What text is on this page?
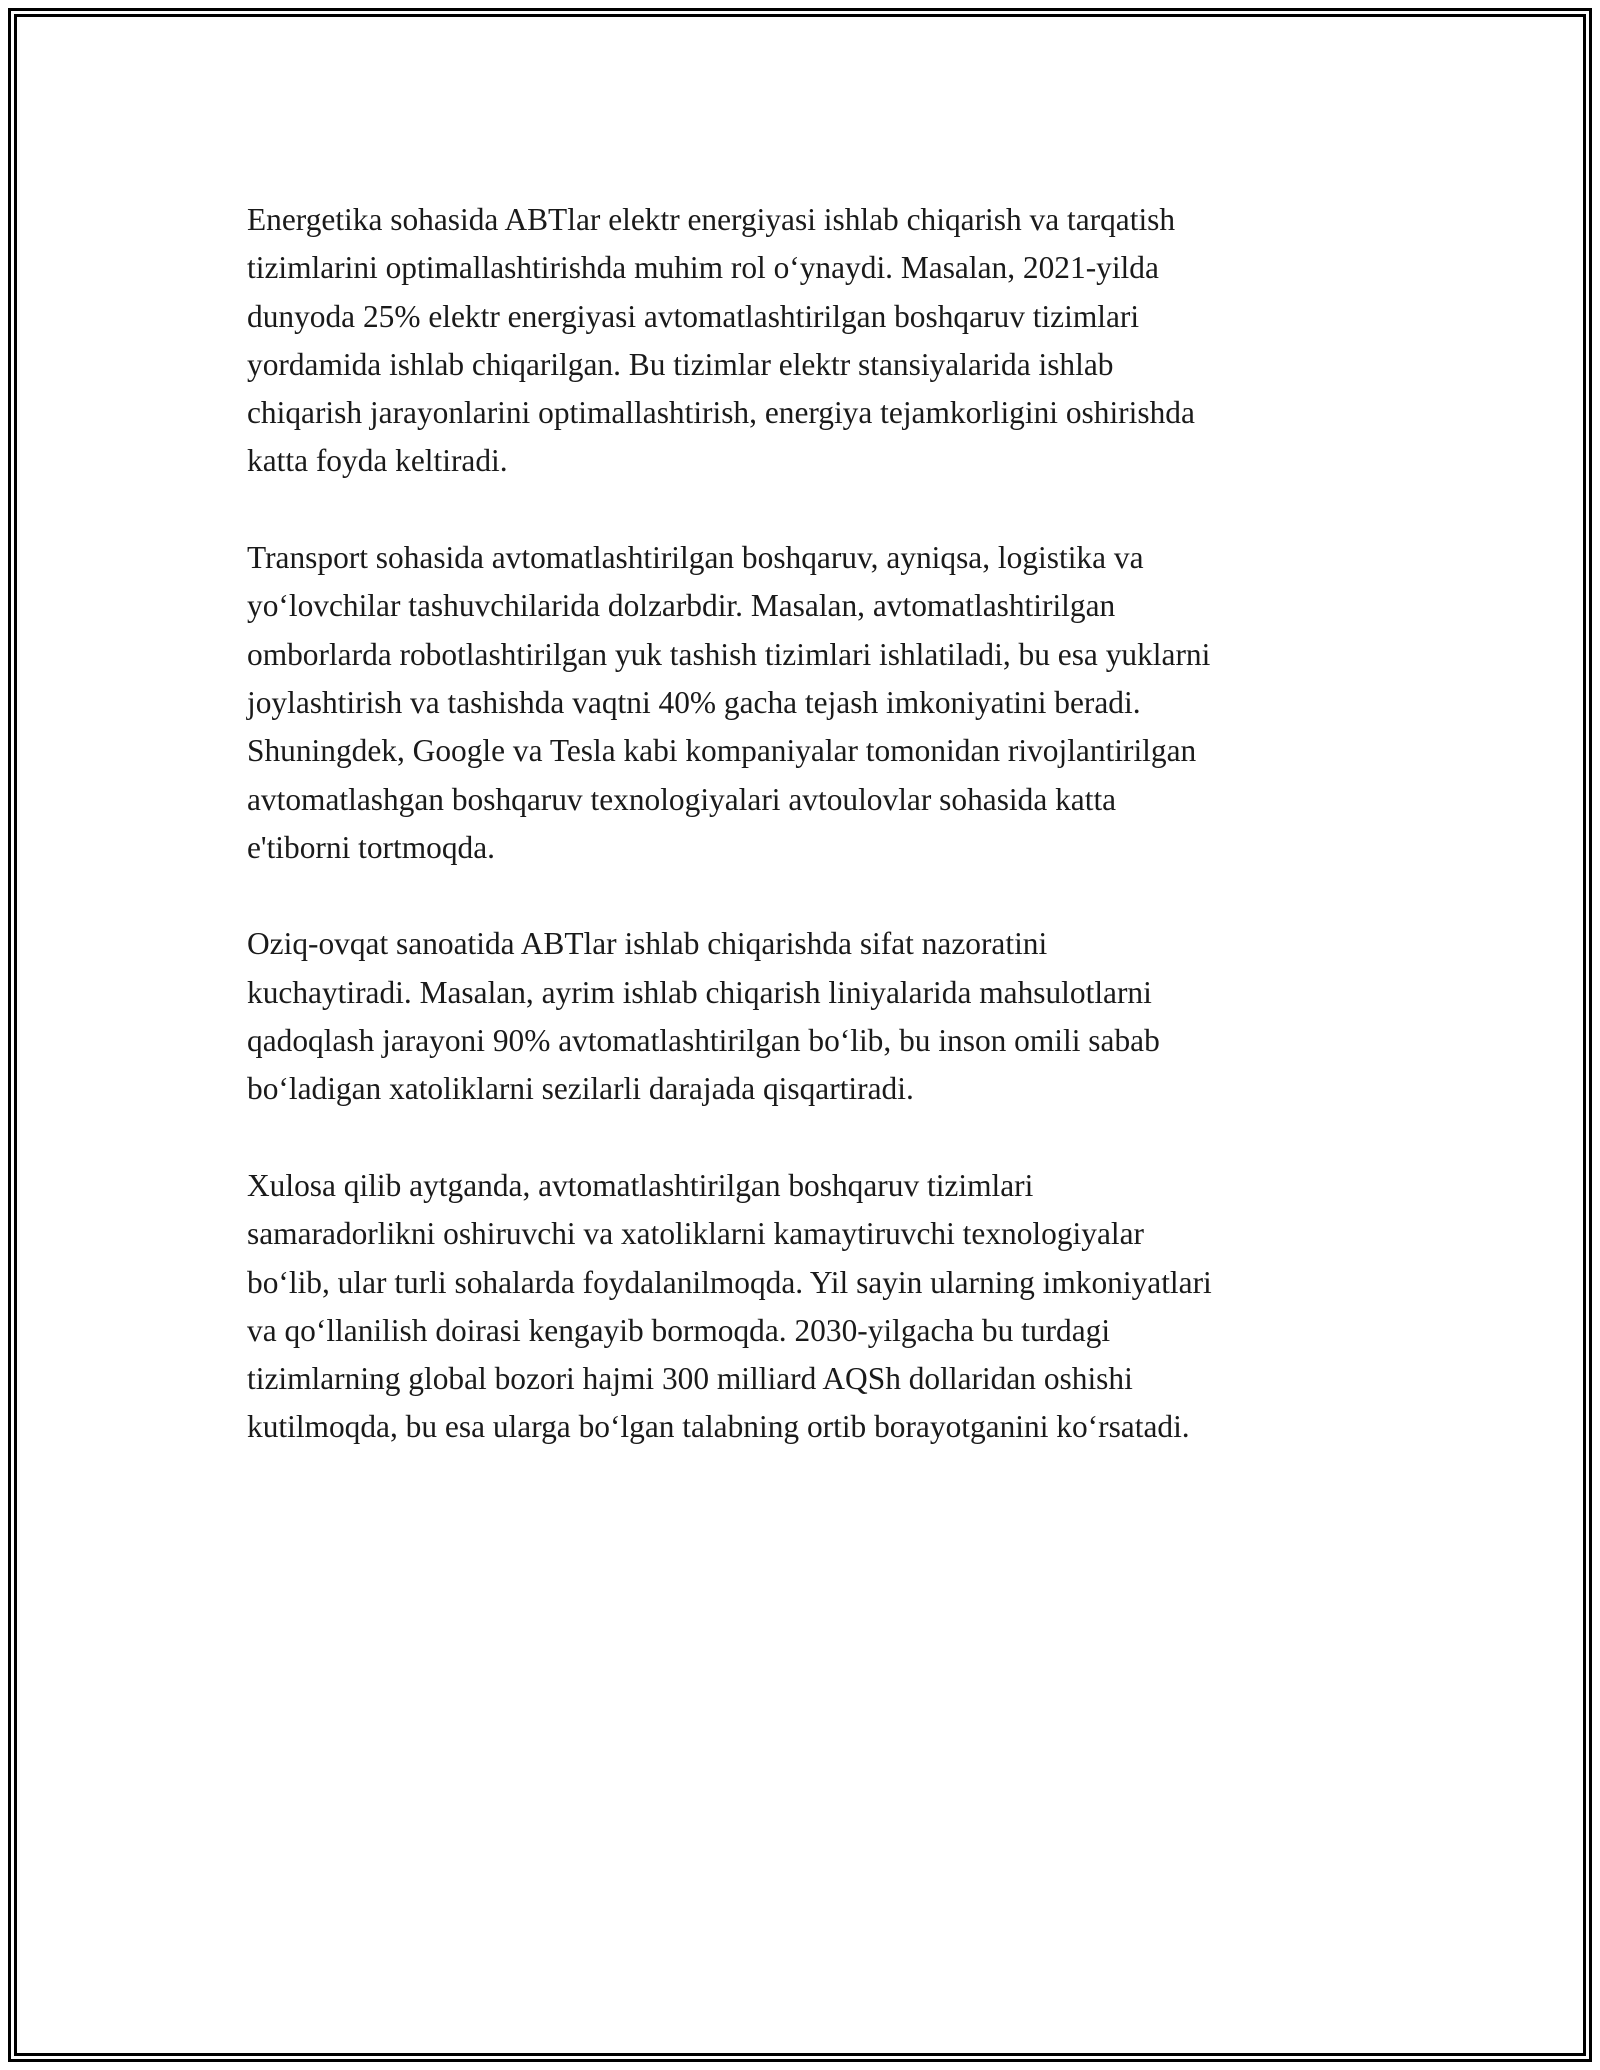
Energetika sohasida ABTlar elektr energiyasi ishlab chiqarish va tarqatish
tizimlarini optimallashtirishda muhim rol oʻynaydi. Masalan, 2021-yilda
dunyoda 25% elektr energiyasi avtomatlashtirilgan boshqaruv tizimlari
yordamida ishlab chiqarilgan. Bu tizimlar elektr stansiyalarida ishlab
chiqarish jarayonlarini optimallashtirish, energiya tejamkorligini oshirishda
katta foyda keltiradi.

Transport sohasida avtomatlashtirilgan boshqaruv, ayniqsa, logistika va
yoʻlovchilar tashuvchilarida dolzarbdir. Masalan, avtomatlashtirilgan
omborlarda robotlashtirilgan yuk tashish tizimlari ishlatiladi, bu esa yuklarni
joylashtirish va tashishda vaqtni 40% gacha tejash imkoniyatini beradi.
Shuningdek, Google va Tesla kabi kompaniyalar tomonidan rivojlantirilgan
avtomatlashgan boshqaruv texnologiyalari avtoulovlar sohasida katta
e'tiborni tortmoqda.

Oziq-ovqat sanoatida ABTlar ishlab chiqarishda sifat nazoratini
kuchaytiradi. Masalan, ayrim ishlab chiqarish liniyalarida mahsulotlarni
qadoqlash jarayoni 90% avtomatlashtirilgan boʻlib, bu inson omili sabab
boʻladigan xatoliklarni sezilarli darajada qisqartiradi.

Xulosa qilib aytganda, avtomatlashtirilgan boshqaruv tizimlari
samaradorlikni oshiruvchi va xatoliklarni kamaytiruvchi texnologiyalar
boʻlib, ular turli sohalarda foydalanilmoqda. Yil sayin ularning imkoniyatlari
va qoʻllanilish doirasi kengayib bormoqda. 2030-yilgacha bu turdagi
tizimlarning global bozori hajmi 300 milliard AQSh dollaridan oshishi
kutilmoqda, bu esa ularga boʻlgan talabning ortib borayotganini koʻrsatadi.
